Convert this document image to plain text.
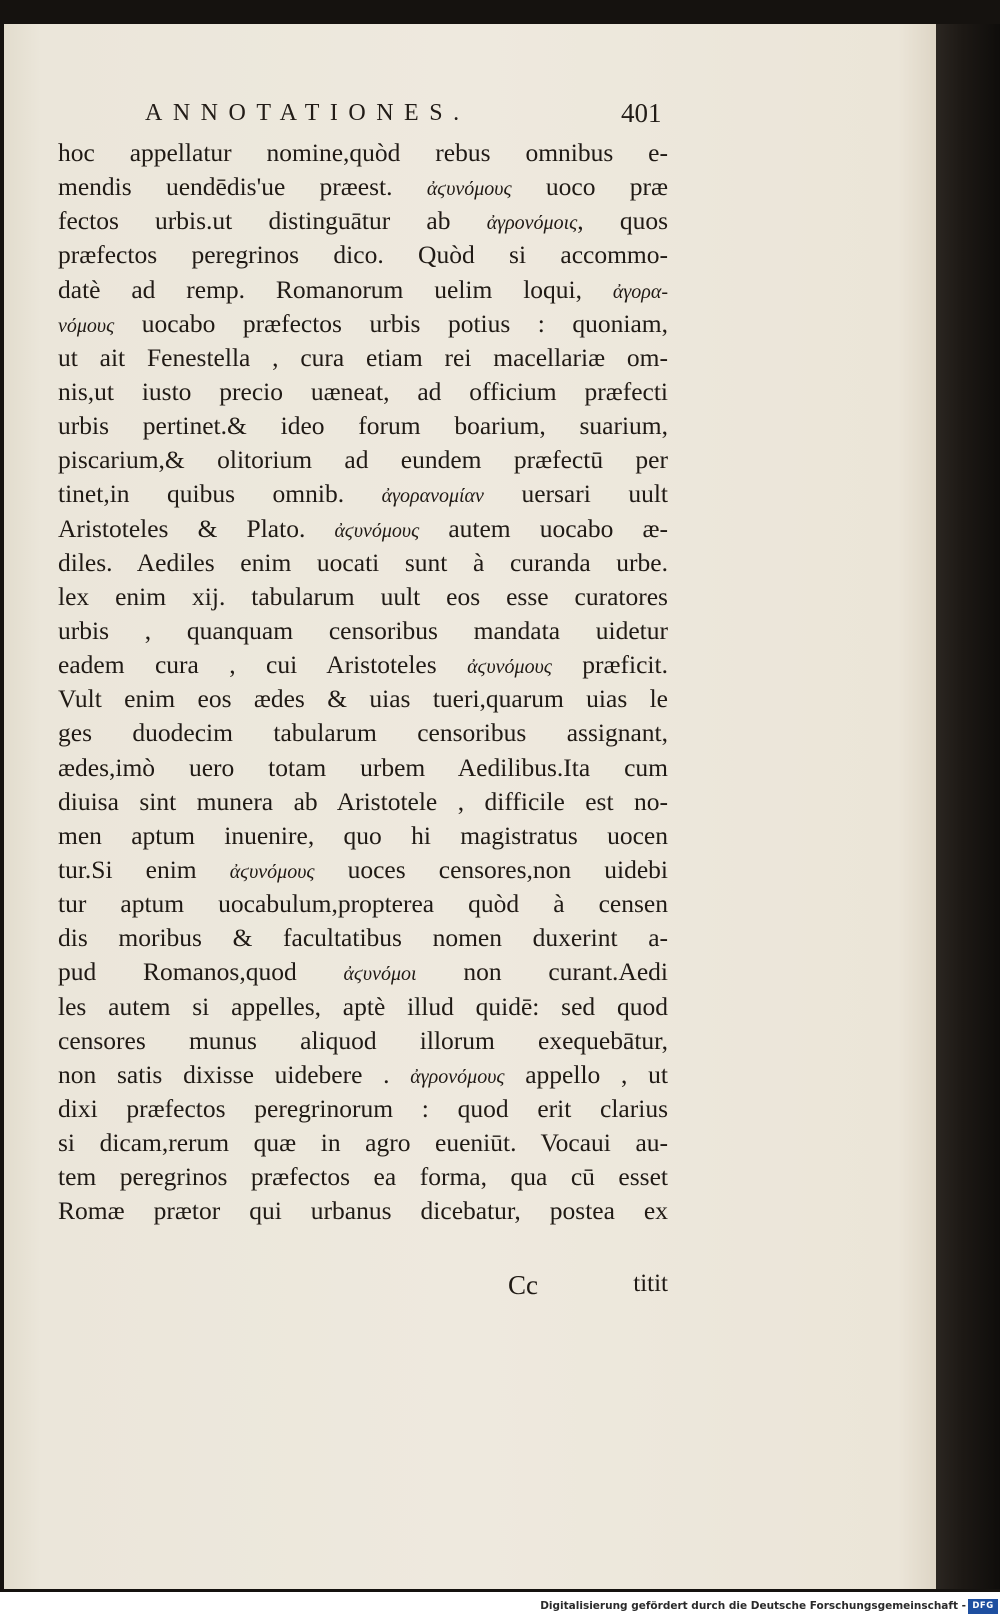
ANNOTATIONES.	401
hoc appellatur nomine,quòd rebus omnibus e-
mendis uendēdis'ue præest. ἀϛυνόμους uoco præ
fectos urbis.ut distinguātur ab ἀγρονόμοις, quos
præfectos peregrinos dico. Quòd si accommo-
datè ad remp. Romanorum uelim loqui, ἀγορα-
νόμους uocabo præfectos urbis potius : quoniam,
ut ait Fenestella , cura etiam rei macellariæ om-
nis,ut iusto precio uæneat, ad officium præfecti
urbis pertinet.& ideo forum boarium, suarium,
piscarium,& olitorium ad eundem præfectū per
tinet,in quibus omnib. ἀγορανομίαν uersari uult
Aristoteles & Plato. ἀϛυνόμους autem uocabo æ-
diles. Aediles enim uocati sunt à curanda urbe.
lex enim xij. tabularum uult eos esse curatores
urbis , quanquam censoribus mandata uidetur
eadem cura , cui Aristoteles ἀϛυνόμους præficit.
Vult enim eos ædes & uias tueri,quarum uias le
ges duodecim tabularum censoribus assignant,
ædes,imò uero totam urbem Aedilibus.Ita cum
diuisa sint munera ab Aristotele , difficile est no-
men aptum inuenire, quo hi magistratus uocen
tur.Si enim ἀϛυνόμους uoces censores,non uidebi
tur aptum uocabulum,propterea quòd à censen
dis moribus & facultatibus nomen duxerint a-
pud Romanos,quod ἀϛυνόμοι non curant.Aedi
les autem si appelles, aptè illud quidē: sed quod
censores munus aliquod illorum exequebātur,
non satis dixisse uidebere . ἀγρονόμους appello , ut
dixi præfectos peregrinorum : quod erit clarius
si dicam,rerum quæ in agro eueniūt. Vocaui au-
tem peregrinos præfectos ea forma, qua cū esset
Romæ prætor qui urbanus dicebatur, postea ex
Cc	titit
Digitalisierung gefördert durch die Deutsche Forschungsgemeinschaft - DFG
